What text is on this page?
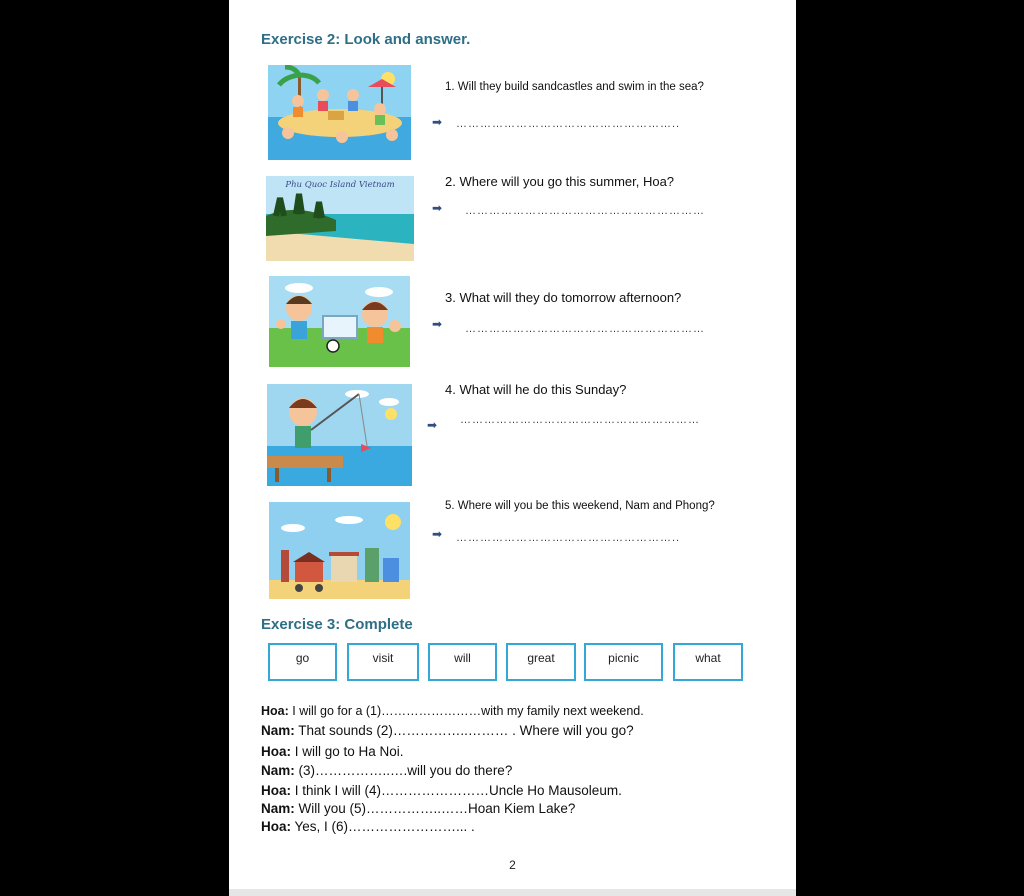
Exercise 2: Look and answer.
1. Will they build sandcastles and swim in the sea?
➡ ………………………………………………..
Phu Quoc Island Vietnam	2. Where will you go this summer, Hoa?
➡ ……………………………………………………
3. What will they do tomorrow afternoon?
➡ ……………………………………………………
4. What will he do this Sunday?
➡ ……………………………………………………
5. Where will you be this weekend, Nam and Phong?
➡ ………………………………………………..
Exercise 3: Complete
go	visit	will	great	picnic	what
Hoa: I will go for a (1)……………………with my family next weekend.
Nam: That sounds (2)……………..……… . Where will you go?
Hoa: I will go to Ha Noi.
Nam: (3)……………..….will you do there?
Hoa: I think I will (4)……………………Uncle Ho Mausoleum.
Nam: Will you (5)……………..……Hoan Kiem Lake?
Hoa: Yes, I (6)……………………... .
2
